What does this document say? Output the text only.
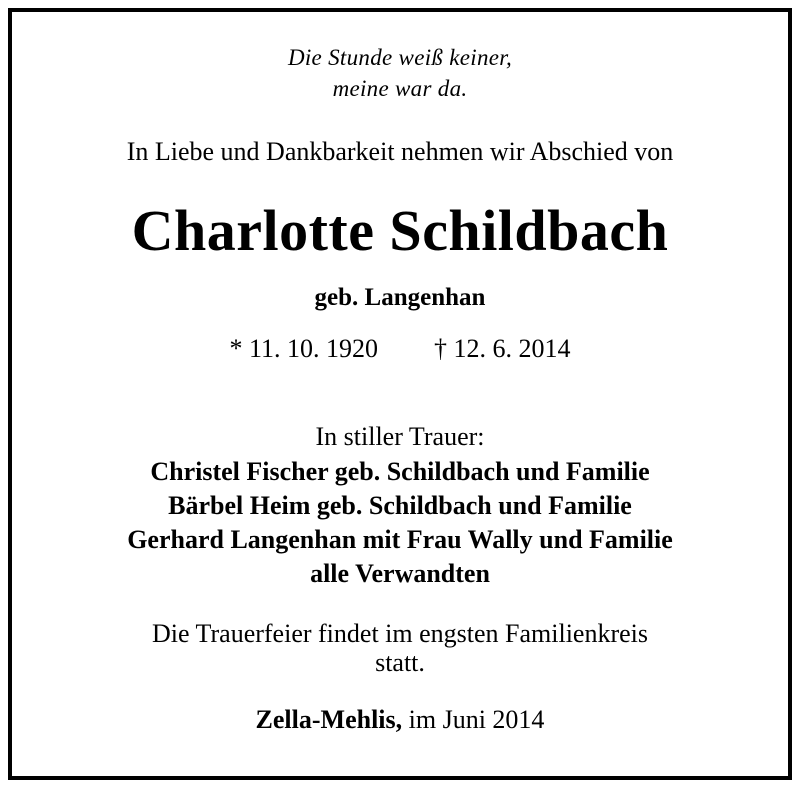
Die Stunde weiß keiner,
meine war da.
In Liebe und Dankbarkeit nehmen wir Abschied von
Charlotte Schildbach
geb. Langenhan
* 11. 10. 1920 † 12. 6. 2014
In stiller Trauer:
Christel Fischer geb. Schildbach und Familie
Bärbel Heim geb. Schildbach und Familie
Gerhard Langenhan mit Frau Wally und Familie
alle Verwandten
Die Trauerfeier findet im engsten Familienkreis
statt.
Zella-Mehlis, im Juni 2014
